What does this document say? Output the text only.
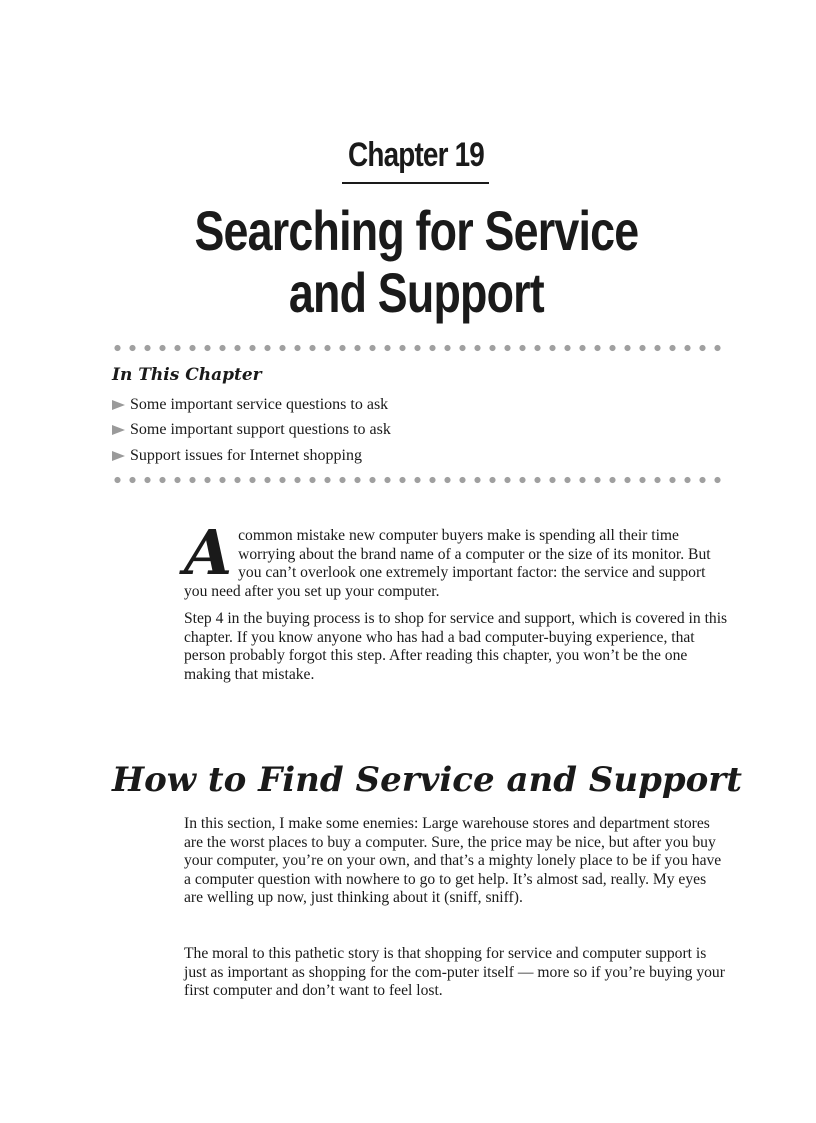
Chapter 19
Searching for Service
and Support
In This Chapter
Some important service questions to ask
Some important support questions to ask
Support issues for Internet shopping

Acommon mistake new computer buyers make is spending all their time worrying about the brand name of a computer or the size of its monitor. But you can’t overlook one extremely important factor: the service and support you need after you set up your computer.

Step 4 in the buying process is to shop for service and support, which is covered in this chapter. If you know anyone who has had a bad computer-buying experience, that person probably forgot this step. After reading this chapter, you won’t be the one making that mistake.

How to Find Service and Support

In this section, I make some enemies: Large warehouse stores and department stores are the worst places to buy a computer. Sure, the price may be nice, but after you buy your computer, you’re on your own, and that’s a mighty lonely place to be if you have a computer question with nowhere to go to get help. It’s almost sad, really. My eyes are welling up now, just thinking about it (sniff, sniff).

The moral to this pathetic story is that shopping for service and computer support is just as important as shopping for the com-puter itself — more so if you’re buying your first computer and don’t want to feel lost.
